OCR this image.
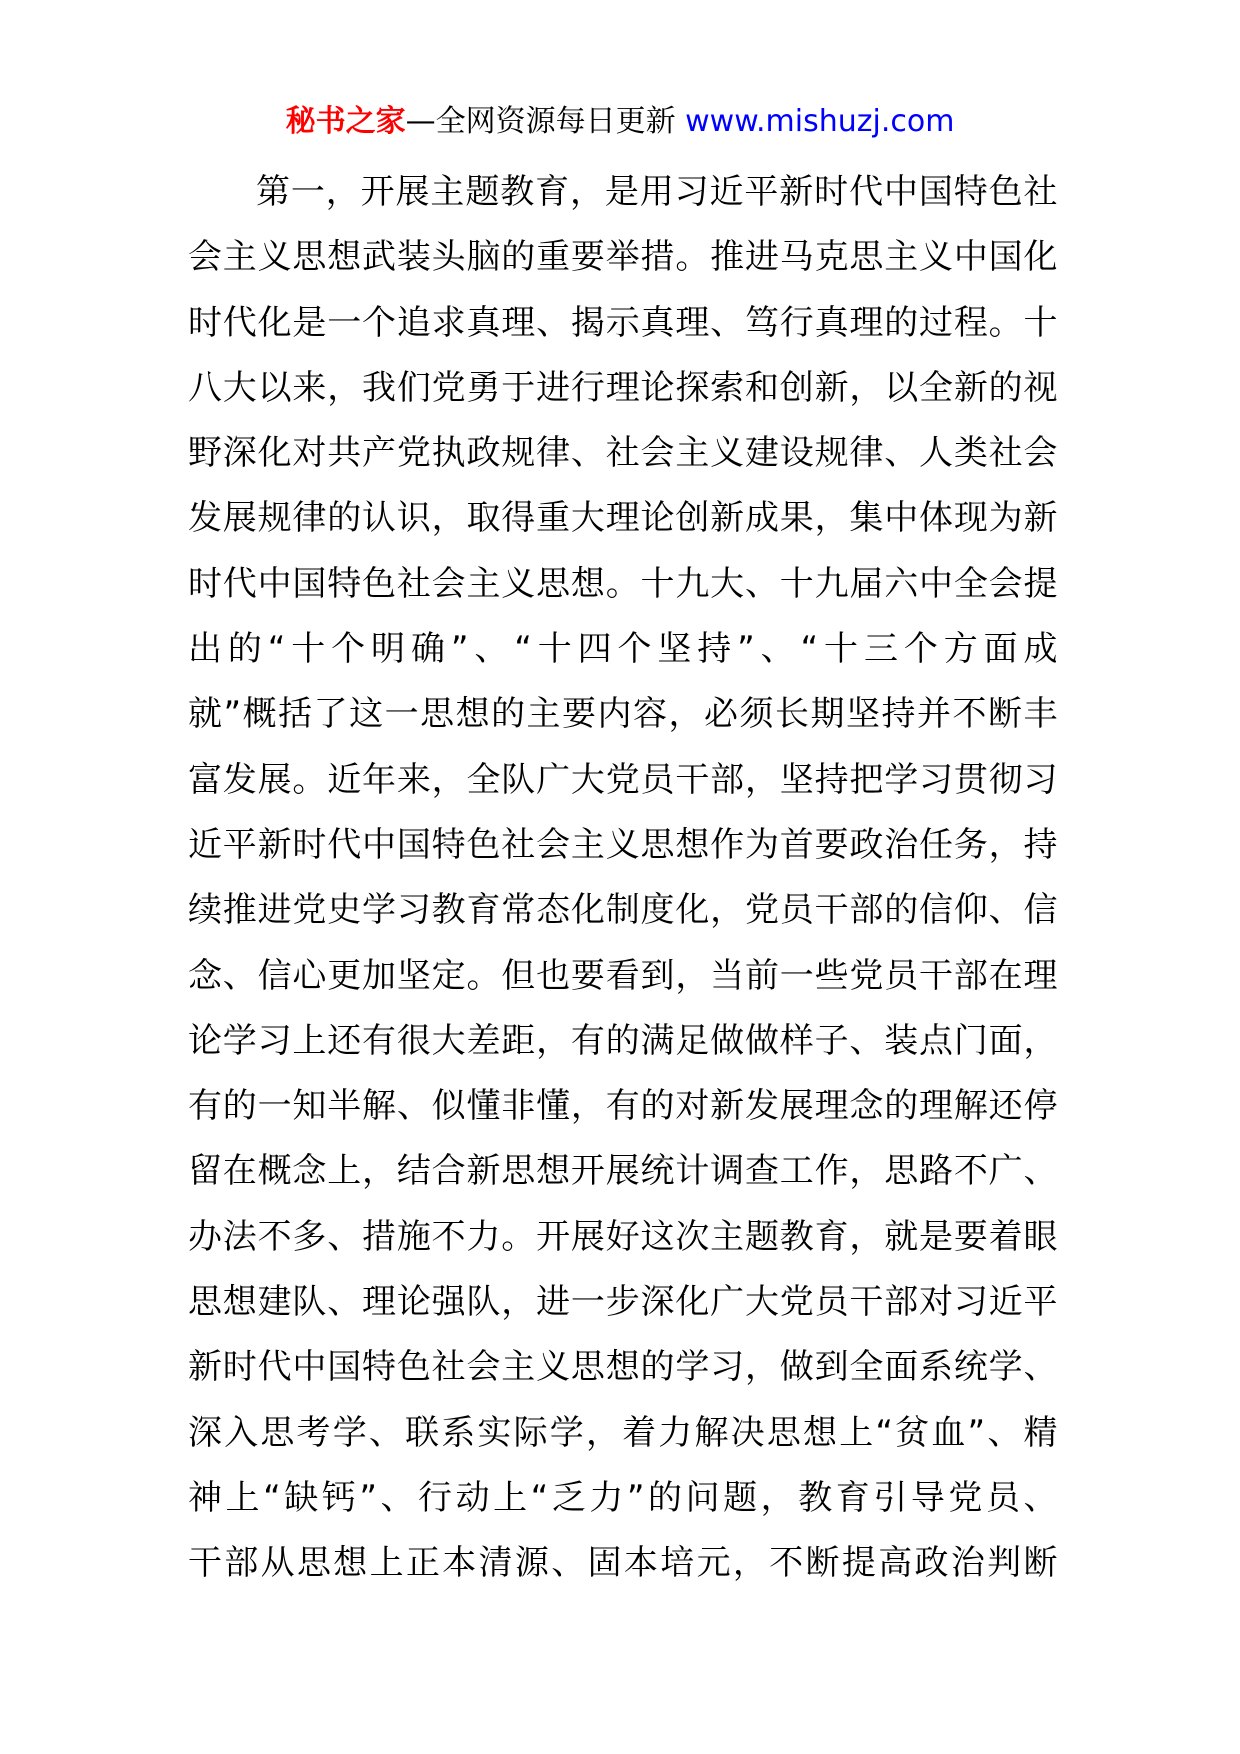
秘书之家—全网资源每日更新 www.mishuzj.com
第一，开展主题教育，是用习近平新时代中国特色社
会主义思想武装头脑的重要举措。推进马克思主义中国化
时代化是一个追求真理、揭示真理、笃行真理的过程。十
八大以来，我们党勇于进行理论探索和创新，以全新的视
野深化对共产党执政规律、社会主义建设规律、人类社会
发展规律的认识，取得重大理论创新成果，集中体现为新
时代中国特色社会主义思想。十九大、十九届六中全会提
出的“十个明确”、“十四个坚持”、“十三个方面成
就”概括了这一思想的主要内容，必须长期坚持并不断丰
富发展。近年来，全队广大党员干部，坚持把学习贯彻习
近平新时代中国特色社会主义思想作为首要政治任务，持
续推进党史学习教育常态化制度化，党员干部的信仰、信
念、信心更加坚定。但也要看到，当前一些党员干部在理
论学习上还有很大差距，有的满足做做样子、装点门面，
有的一知半解、似懂非懂，有的对新发展理念的理解还停
留在概念上，结合新思想开展统计调查工作，思路不广、
办法不多、措施不力。开展好这次主题教育，就是要着眼
思想建队、理论强队，进一步深化广大党员干部对习近平
新时代中国特色社会主义思想的学习，做到全面系统学、
深入思考学、联系实际学，着力解决思想上“贫血”、精
神上“缺钙”、行动上“乏力”的问题，教育引导党员、
干部从思想上正本清源、固本培元，不断提高政治判断
